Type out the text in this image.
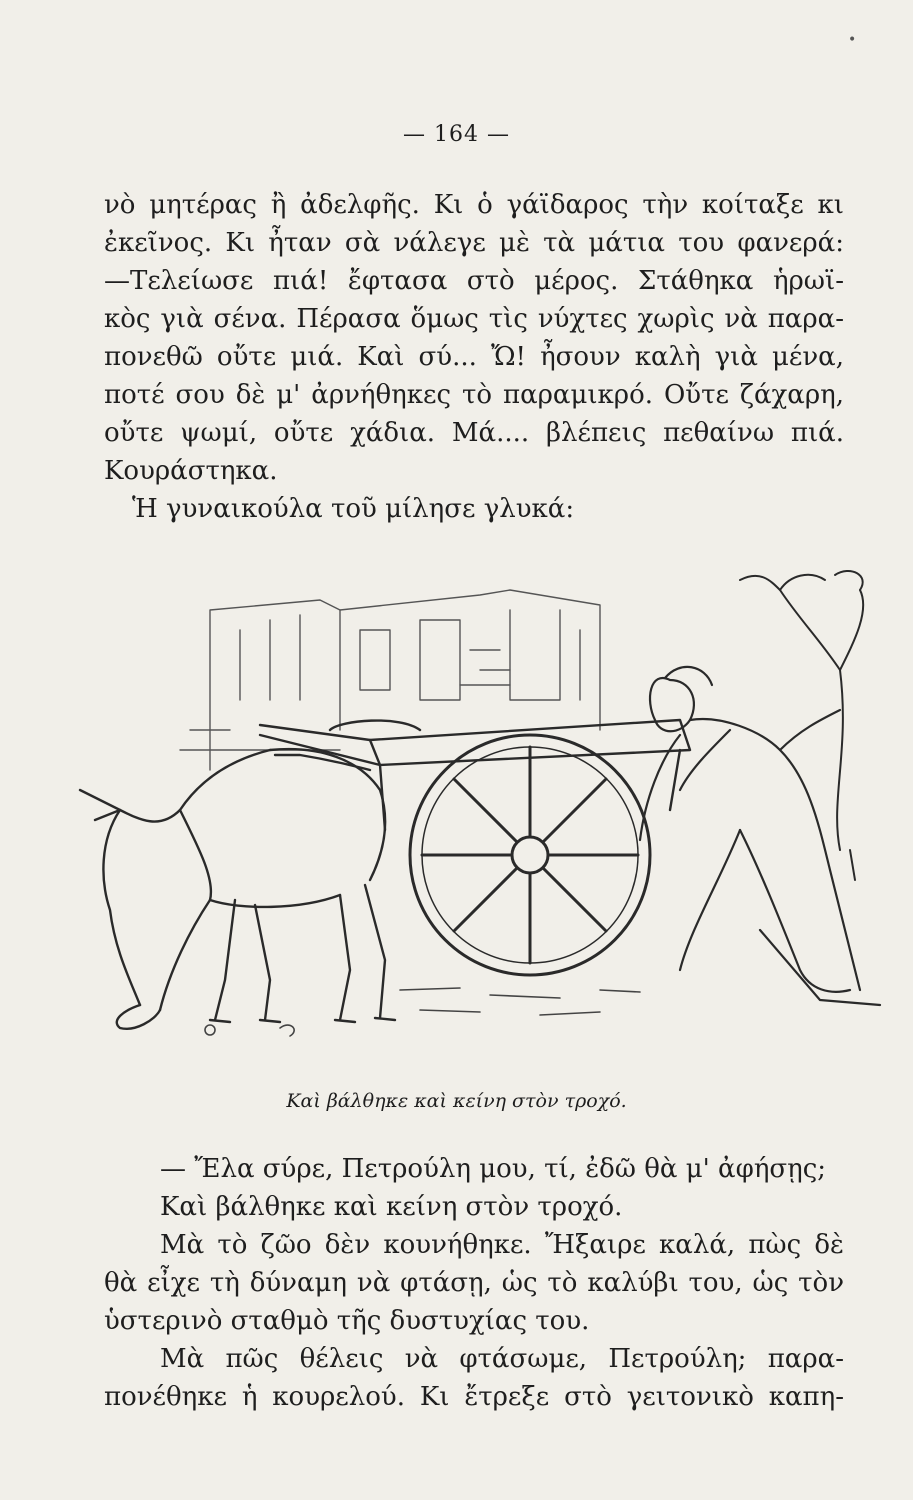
•
— 164 —
νὸ μητέρας ἢ ἀδελφῆς. Κι ὁ γάϊδαρος τὴν κοίταξε κι
ἐκεῖνος. Κι ἦταν σὰ νάλεγε μὲ τὰ μάτια του φανερά:
—Τελείωσε πιά! ἔφτασα στὸ μέρος. Στάθηκα ἡρωϊ-
κὸς γιὰ σένα. Πέρασα ὅμως τὶς νύχτες χωρὶς νὰ παρα-
πονεθῶ οὔτε μιά. Καὶ σύ... Ὤ! ἦσουν καλὴ γιὰ μένα,
ποτέ σου δὲ μ' ἀρνήθηκες τὸ παραμικρό. Οὔτε ζάχαρη,
οὔτε ψωμί, οὔτε χάδια. Μά.... βλέπεις πεθαίνω πιά.
Κουράστηκα.
Ἡ γυναικούλα τοῦ μίλησε γλυκά:
Καὶ βάλθηκε καὶ κείνη στὸν τροχό.
— Ἔλα σύρε, Πετρούλη μου, τί, ἐδῶ θὰ μ' ἀφήσῃς;
Καὶ βάλθηκε καὶ κείνη στὸν τροχό.
Μὰ τὸ ζῶο δὲν κουνήθηκε. Ἤξαιρε καλά, πὼς δὲ
θὰ εἶχε τὴ δύναμη νὰ φτάσῃ, ὡς τὸ καλύβι του, ὡς τὸν
ὑστερινὸ σταθμὸ τῆς δυστυχίας του.
Μὰ πῶς θέλεις νὰ φτάσωμε, Πετρούλη; παρα-
πονέθηκε ἡ κουρελού. Κι ἔτρεξε στὸ γειτονικὸ καπη-
